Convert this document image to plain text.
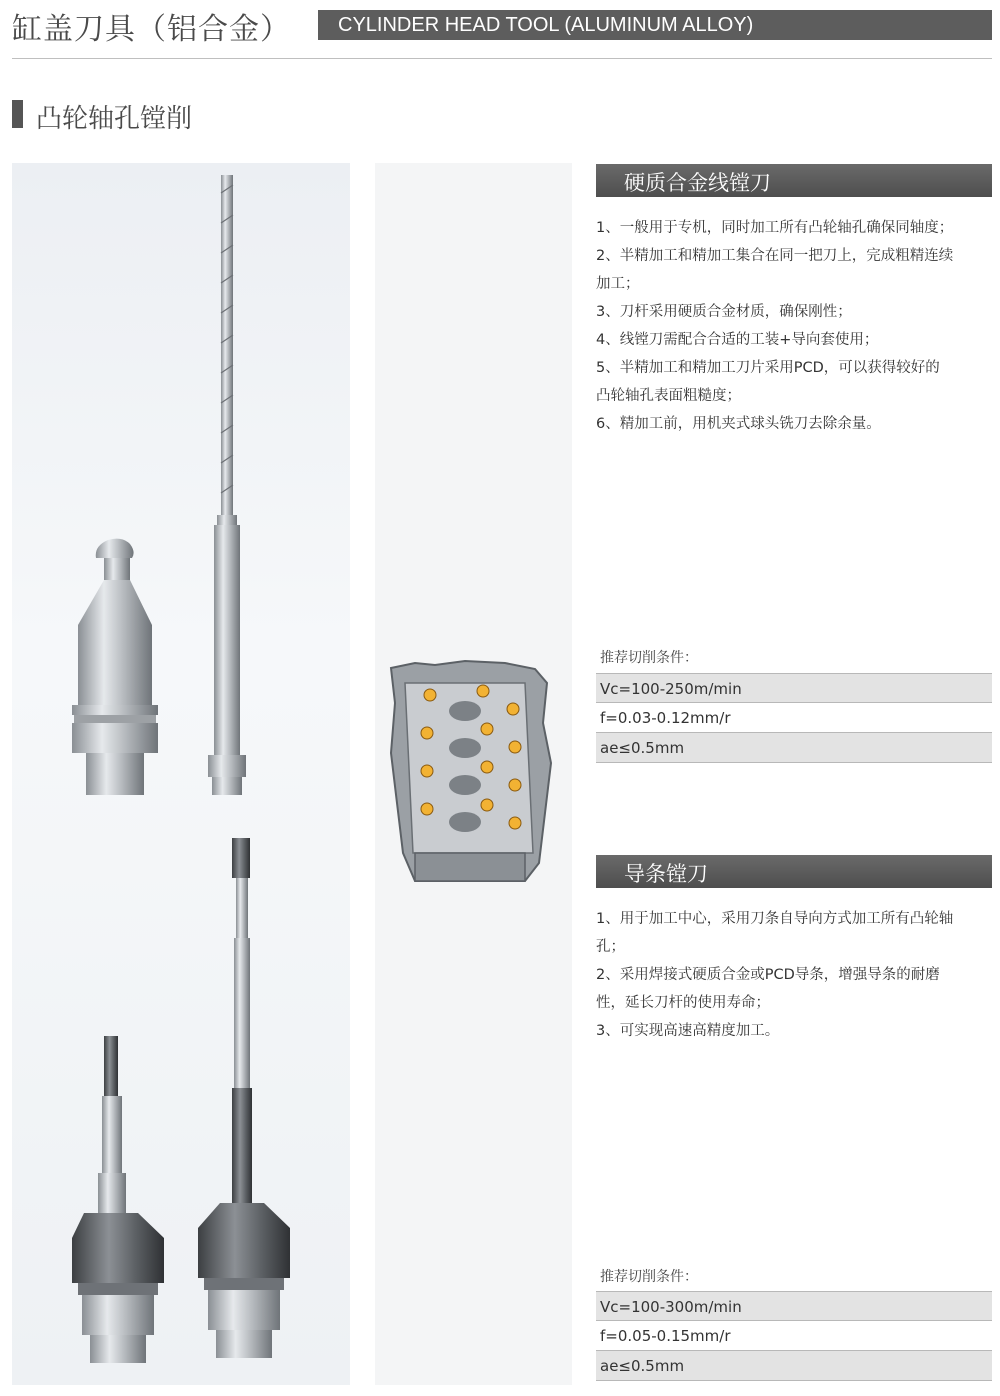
缸盖刀具（铝合金） CYLINDER HEAD TOOL (ALUMINUM ALLOY)
凸轮轴孔镗削
硬质合金线镗刀
1、一般用于专机，同时加工所有凸轮轴孔确保同轴度；
2、半精加工和精加工集合在同一把刀上，完成粗精连续
加工；
3、刀杆采用硬质合金材质，确保刚性；
4、线镗刀需配合合适的工装+导向套使用；
5、半精加工和精加工刀片采用PCD，可以获得较好的
凸轮轴孔表面粗糙度；
6、精加工前，用机夹式球头铣刀去除余量。
推荐切削条件：
Vc=100-250m/min
f=0.03-0.12mm/r
ae≤0.5mm
导条镗刀
1、用于加工中心，采用刀条自导向方式加工所有凸轮轴
孔；
2、采用焊接式硬质合金或PCD导条，增强导条的耐磨
性，延长刀杆的使用寿命；
3、可实现高速高精度加工。
推荐切削条件：
Vc=100-300m/min
f=0.05-0.15mm/r
ae≤0.5mm
